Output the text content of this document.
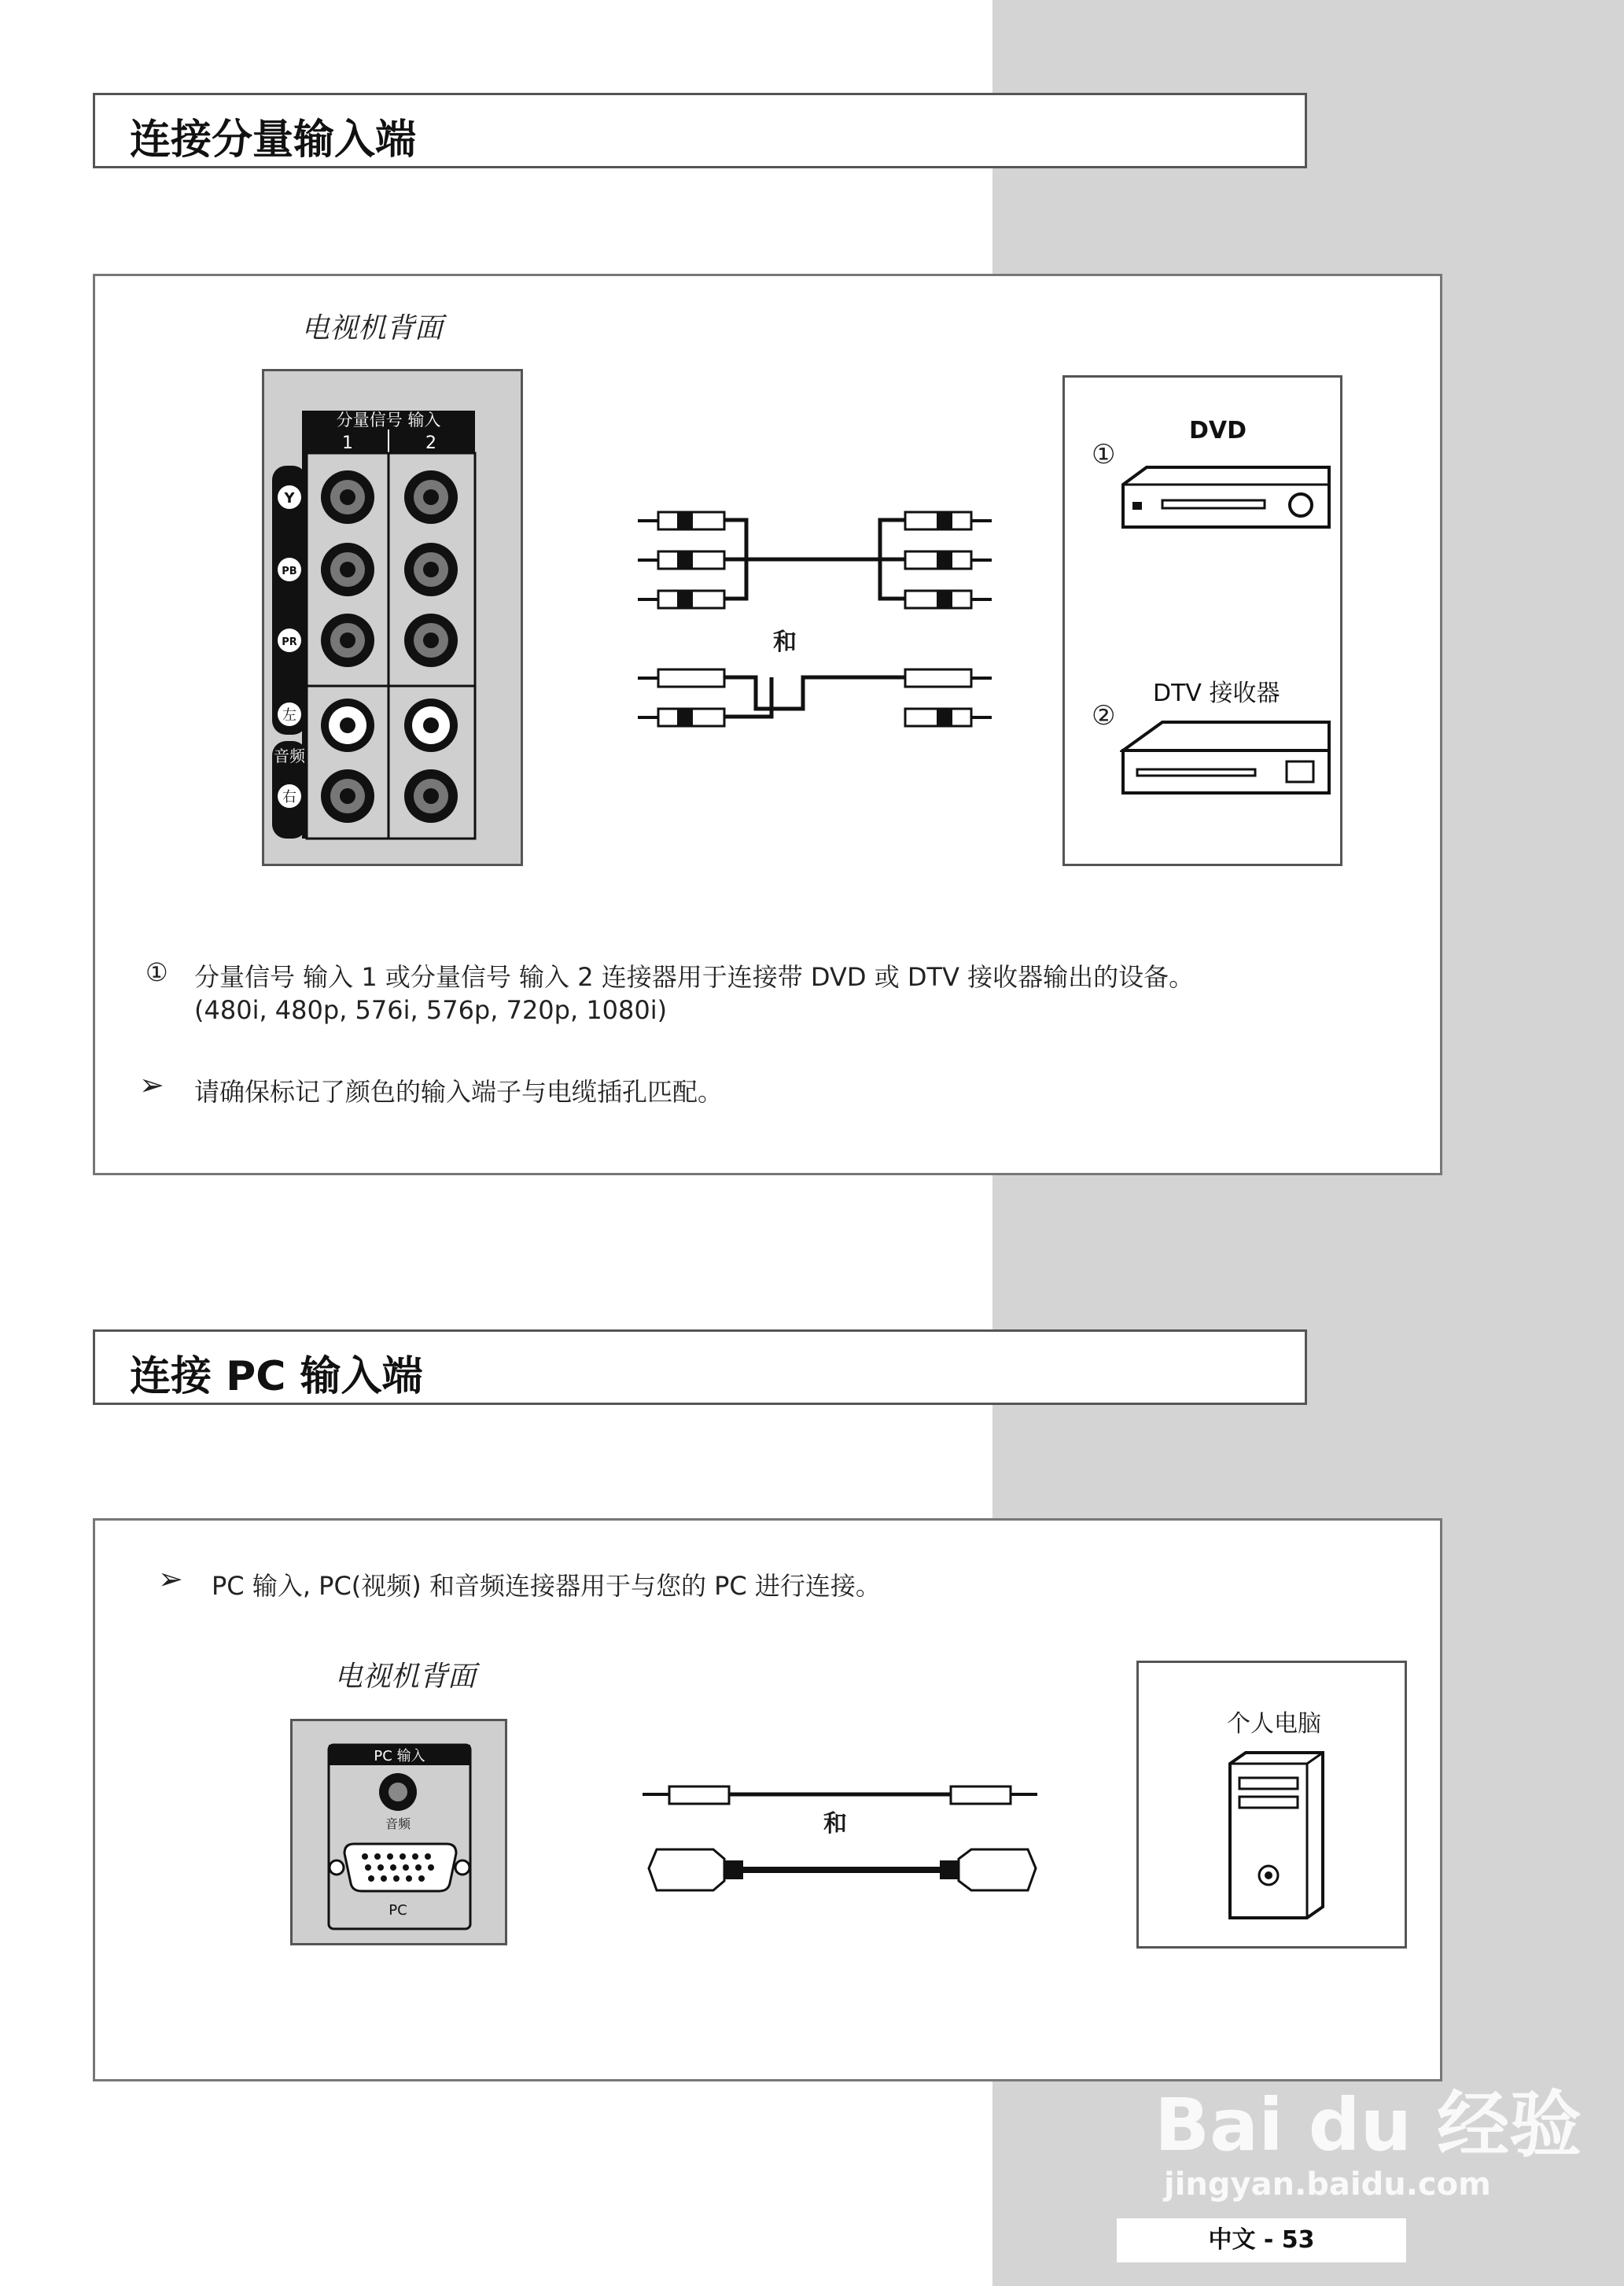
连接分量输入端
电视机背面
分量信号 输入
1	2
Y
PB
PR
左
音频
右
和
①
DVD
②
DTV 接收器
① 分量信号 输入 1 或分量信号 输入 2 连接器用于连接带 DVD 或 DTV 接收器输出的设备。
(480i, 480p, 576i, 576p, 720p, 1080i)
➢ 请确保标记了颜色的输入端子与电缆插孔匹配。
连接 PC 输入端
➢ PC 输入, PC(视频) 和音频连接器用于与您的 PC 进行连接。
电视机背面
PC 输入
音频
PC
和
个人电脑
中文 - 53
Bai du 经验
jingyan.baidu.com
